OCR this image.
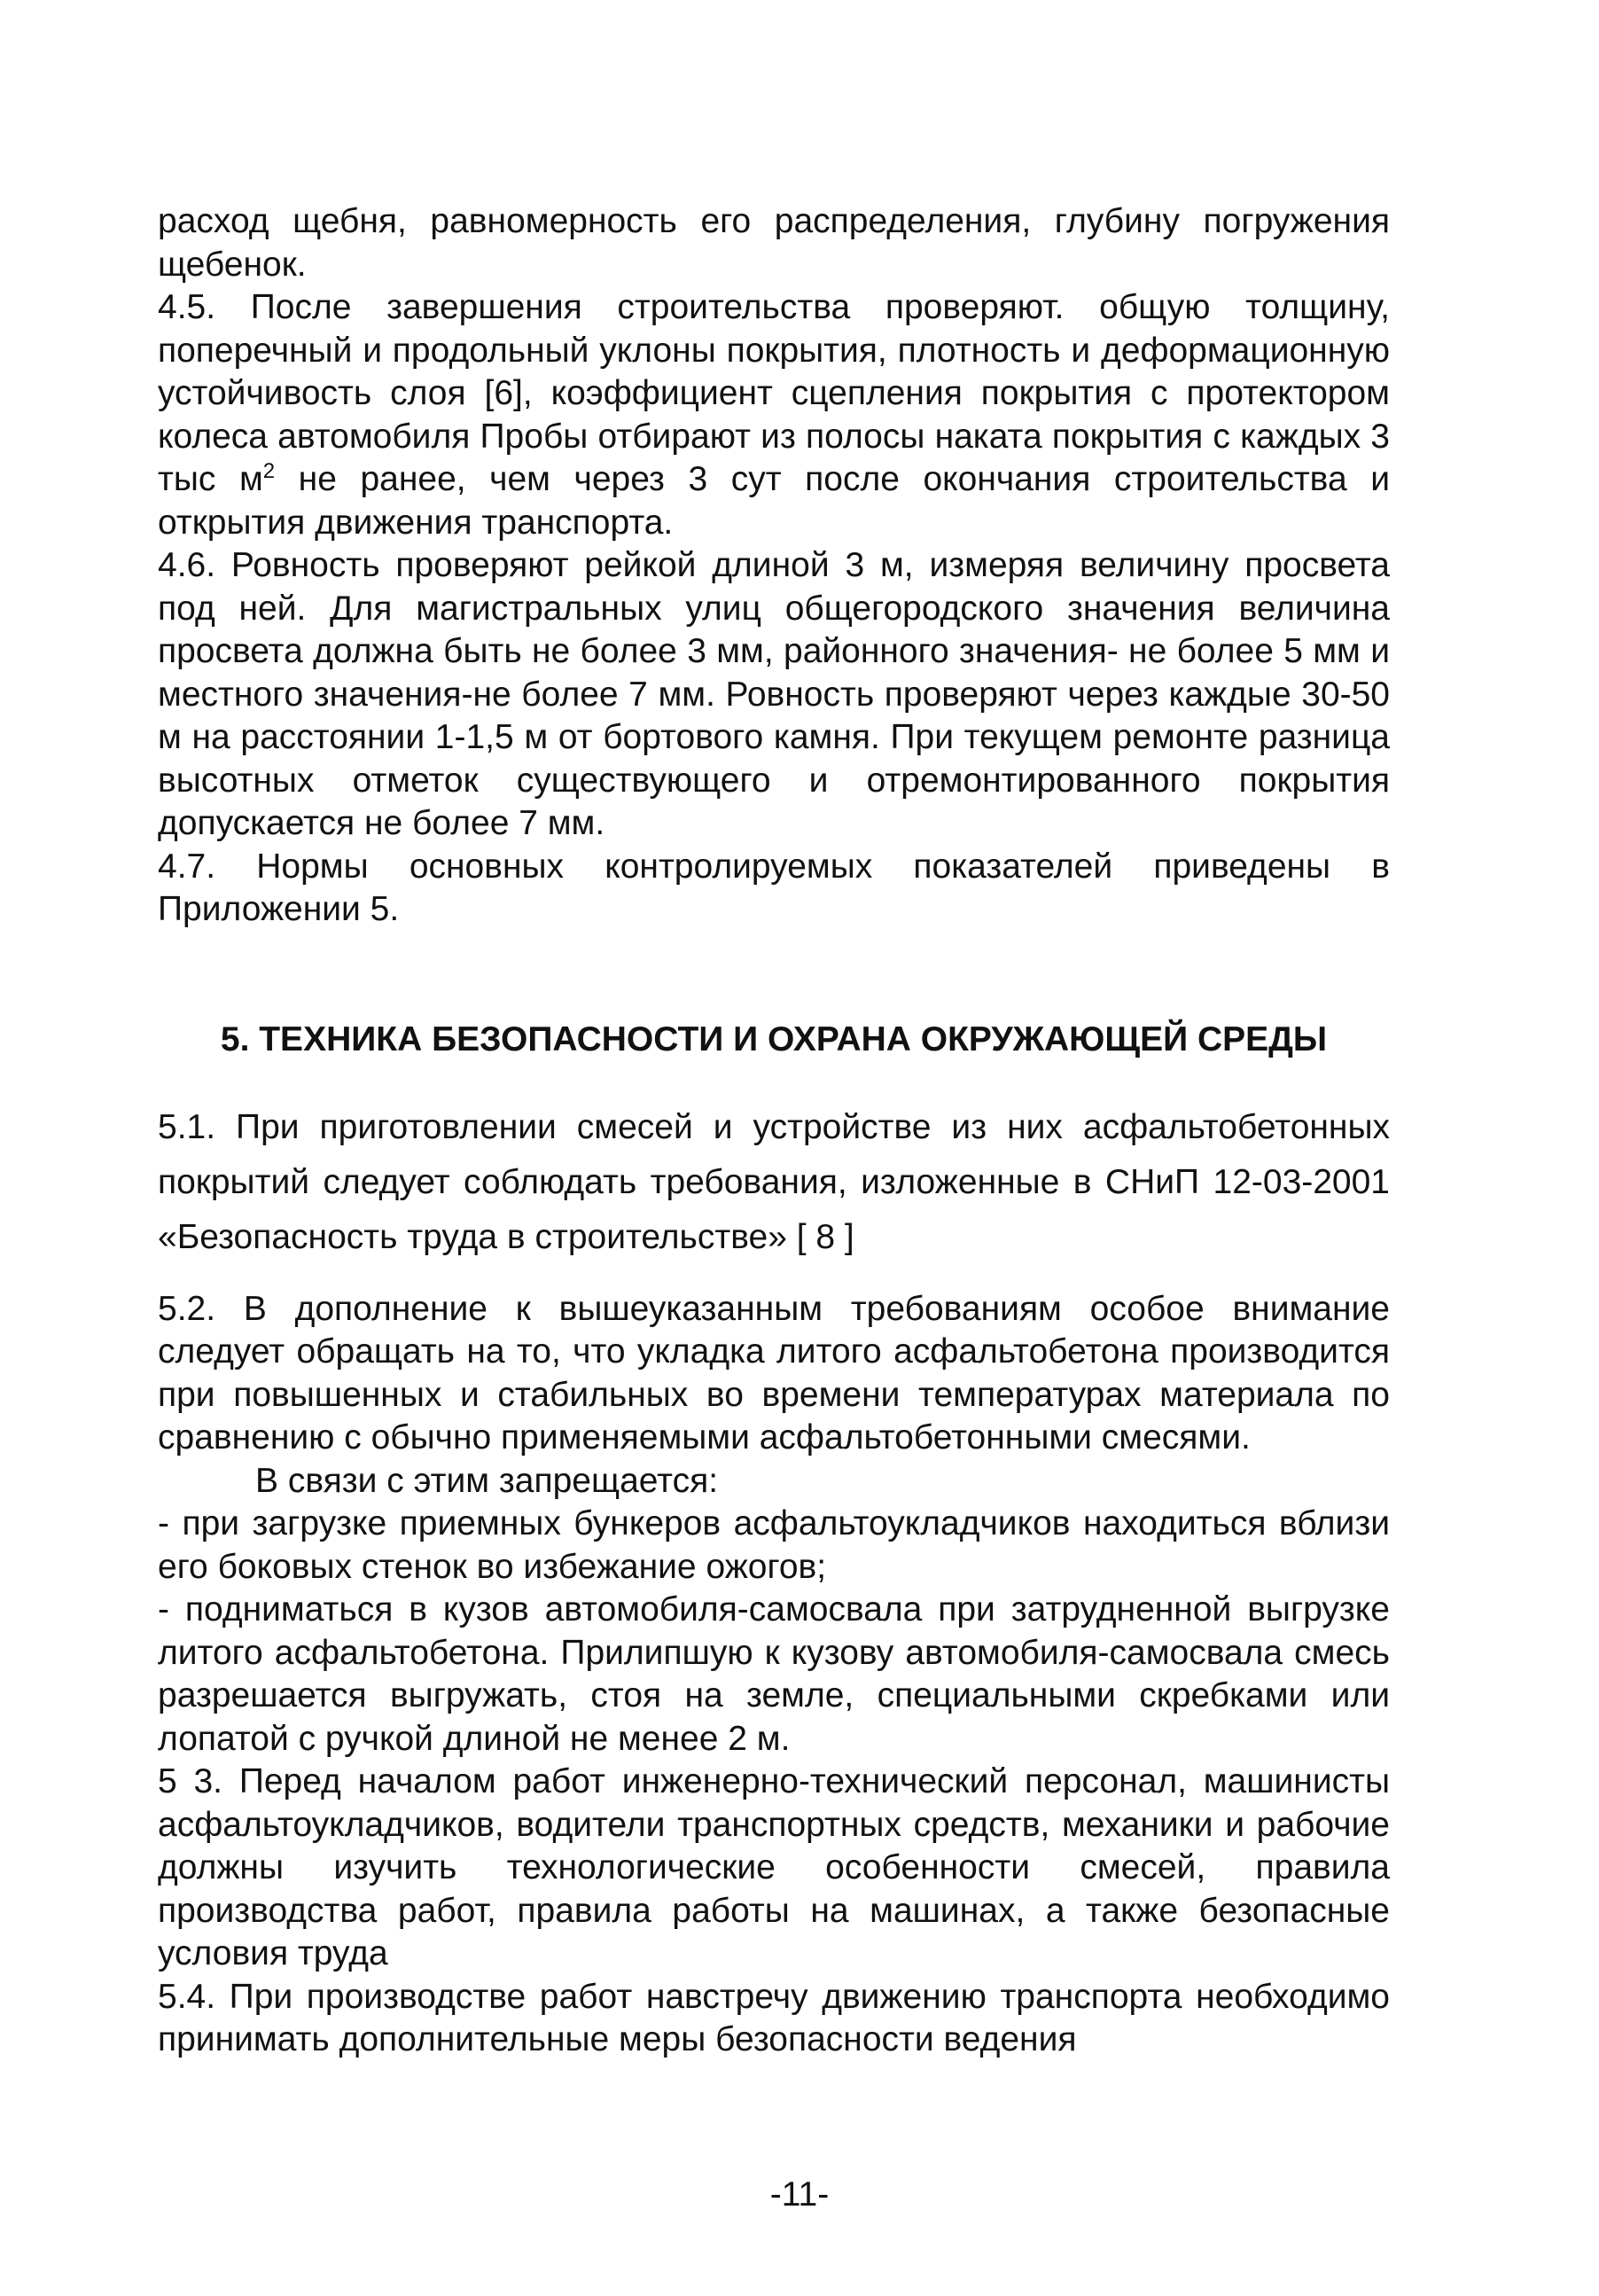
расход щебня, равномерность его распределения, глубину погружения щебенок.

4.5. После завершения строительства проверяют. общую толщину, поперечный и продольный уклоны покрытия, плотность и деформационную устойчивость слоя [6], коэффициент сцепления покрытия с протектором колеса автомобиля Пробы отбирают из полосы наката покрытия с каждых 3 тыс $м^2$ не ранее, чем через 3 сут после окончания строительства и открытия движения транспорта.

4.6. Ровность проверяют рейкой длиной 3 м, измеряя величину просвета под ней. Для магистральных улиц общегородского значения величина просвета должна быть не более 3 мм, районного значения- не более 5 мм и местного значения-не более 7 мм. Ровность проверяют через каждые 30-50 м на расстоянии 1-1,5 м от бортового камня. При текущем ремонте разница высотных отметок существующего и отремонтированного покрытия допускается не более 7 мм.

4.7. Нормы основных контролируемых показателей приведены в Приложении 5.

5. ТЕХНИКА БЕЗОПАСНОСТИ И ОХРАНА ОКРУЖАЮЩЕЙ СРЕДЫ

5.1. При приготовлении смесей и устройстве из них асфальтобетонных покрытий следует соблюдать требования, изложенные в СНиП 12-03-2001 «Безопасность труда в строительстве» [ 8 ]

5.2. В дополнение к вышеуказанным требованиям особое внимание следует обращать на то, что укладка литого асфальтобетона производится при повышенных и стабильных во времени температурах материала по сравнению с обычно применяемыми асфальтобетонными смесями.

В связи с этим запрещается:

- при загрузке приемных бункеров асфальтоукладчиков находиться вблизи его боковых стенок во избежание ожогов;

- подниматься в кузов автомобиля-самосвала при затрудненной выгрузке литого асфальтобетона. Прилипшую к кузову автомобиля-самосвала смесь разрешается выгружать, стоя на земле, специальными скребками или лопатой с ручкой длиной не менее 2 м.

5 3. Перед началом работ инженерно-технический персонал, машинисты асфальтоукладчиков, водители транспортных средств, механики и рабочие должны изучить технологические особенности смесей, правила производства работ, правила работы на машинах, а также безопасные условия труда

5.4. При производстве работ навстречу движению транспорта необходимо принимать дополнительные меры безопасности ведения

-11-
